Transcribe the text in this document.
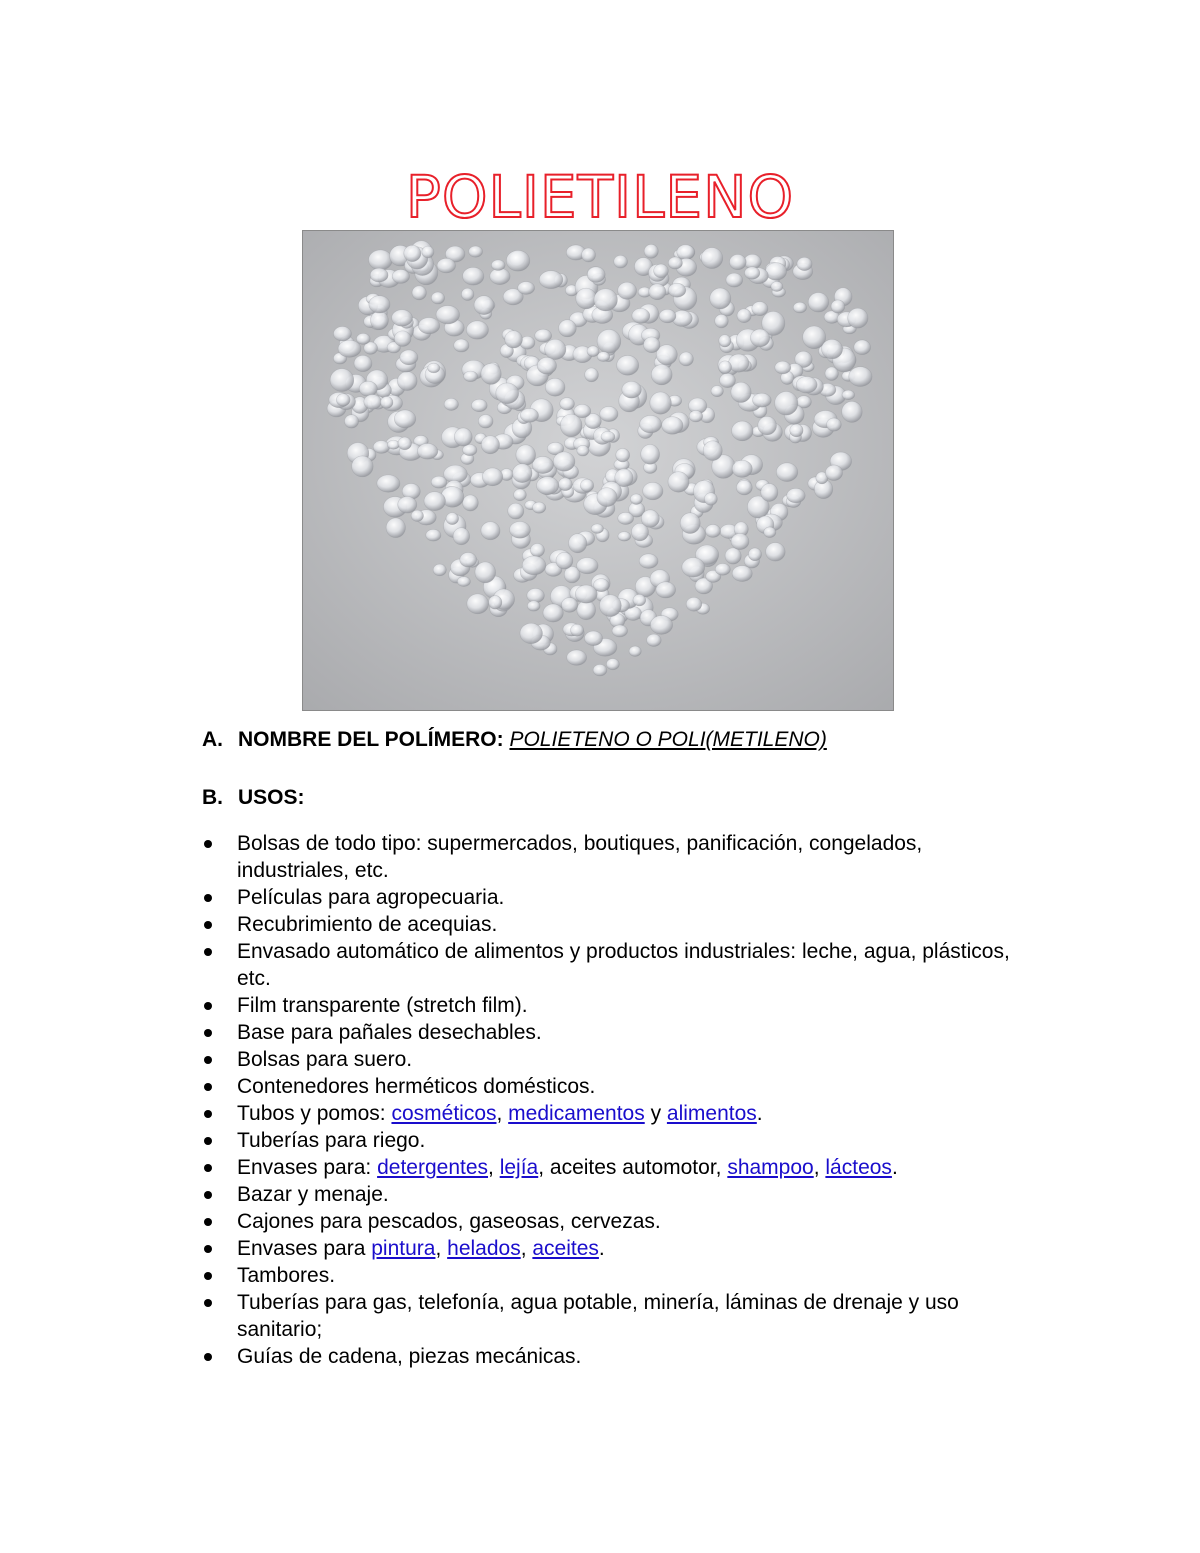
POLIETILENO

A. NOMBRE DEL POLÍMERO: POLIETENO O POLI(METILENO)

B. USOS:

Bolsas de todo tipo: supermercados, boutiques, panificación, congelados, industriales, etc.
Películas para agropecuaria.
Recubrimiento de acequias.
Envasado automático de alimentos y productos industriales: leche, agua, plásticos, etc.
Film transparente (stretch film).
Base para pañales desechables.
Bolsas para suero.
Contenedores herméticos domésticos.
Tubos y pomos: cosméticos, medicamentos y alimentos.
Tuberías para riego.
Envases para: detergentes, lejía, aceites automotor, shampoo, lácteos.
Bazar y menaje.
Cajones para pescados, gaseosas, cervezas.
Envases para pintura, helados, aceites.
Tambores.
Tuberías para gas, telefonía, agua potable, minería, láminas de drenaje y uso sanitario;
Guías de cadena, piezas mecánicas.
